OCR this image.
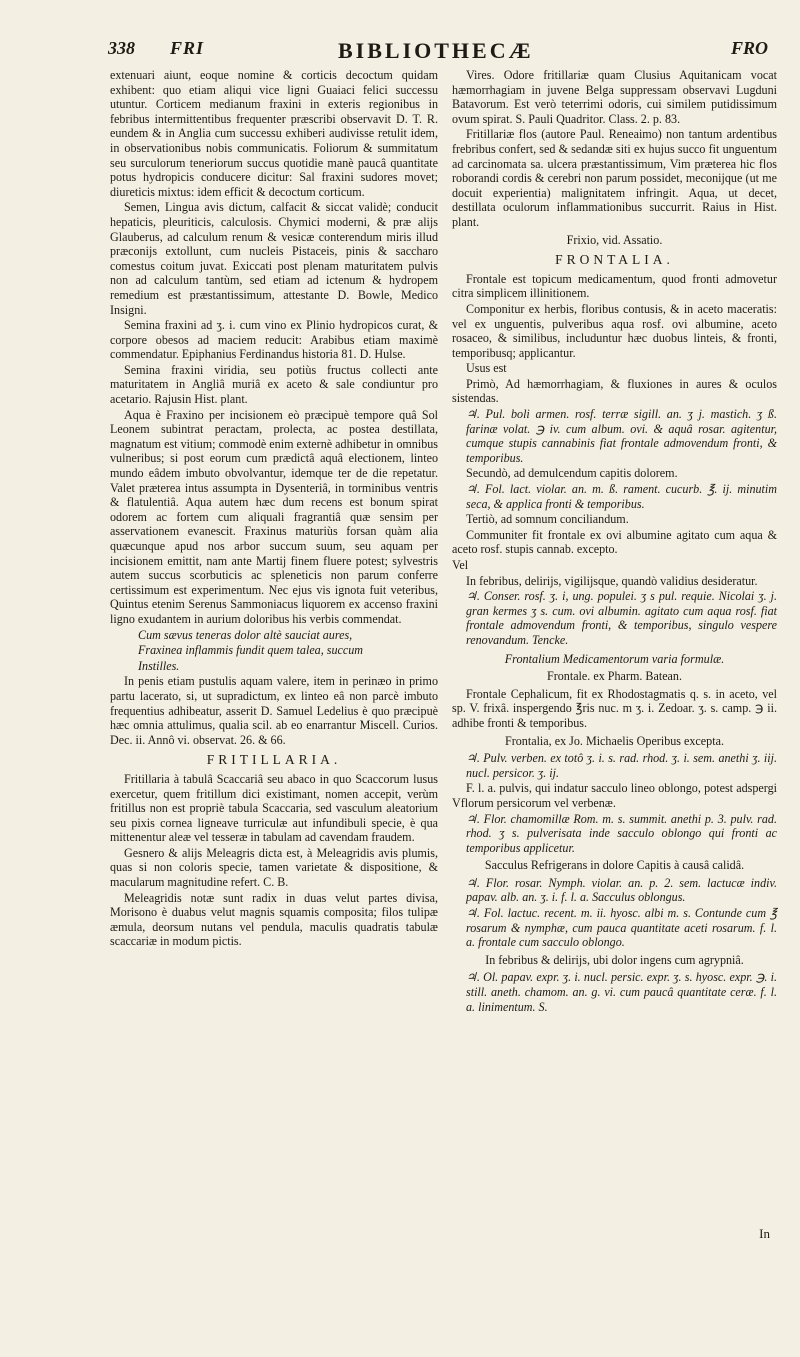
338 FRI	BIBLIOTHECÆ	FRO

extenuari aiunt, eoque nomine & corticis decoctum quidam exhibent: quo etiam aliqui vice ligni Guaiaci felici successu utuntur. Corticem medianum fraxini in exteris regionibus in febribus intermittentibus frequenter præscribi observavit D. T. R. eundem & in Anglia cum successu exhiberi audivisse retulit idem, in observationibus nobis communicatis. Foliorum & summitatum seu surculorum teneriorum succus quotidie manè paucâ quantitate potus hydropicis conducere dicitur: Sal fraxini sudores movet; diureticis mixtus: idem efficit & decoctum corticum.

Semen, Lingua avis dictum, calfacit & siccat validè; conducit hepaticis, pleuriticis, calculosis. Chymici moderni, & præ alijs Glauberus, ad calculum renum & vesicæ conterendum miris illud præconijs extollunt, cum nucleis Pistaceis, pinis & saccharo comestus coitum juvat. Exiccati post plenam maturitatem pulvis non ad calculum tantùm, sed etiam ad ictenum & hydropem remedium est præstantissimum, attestante D. Bowle, Medico Insigni.

Semina fraxini ad ʒ. i. cum vino ex Plinio hydropicos curat, & corpore obesos ad maciem reducit: Arabibus etiam maximè commendatur. Epiphanius Ferdinandus historia 81. D. Hulse.

Semina fraxini viridia, seu potiùs fructus collecti ante maturitatem in Angliâ muriâ ex aceto & sale condiuntur pro acetario. Rajusin Hist. plant.

Aqua è Fraxino per incisionem eò præcipuè tempore quâ Sol Leonem subintrat peractam, prolecta, ac postea destillata, magnatum est vitium; commodè enim externè adhibetur in omnibus vulneribus; si post eorum cum prædictâ aquâ electionem, linteo mundo eâdem imbuto obvolvantur, idemque ter de die repetatur. Valet præterea intus assumpta in Dysenteriâ, in torminibus ventris & flatulentiâ. Aqua autem hæc dum recens est bonum spirat odorem ac fortem cum aliquali fragrantiâ quæ sensim per asservationem evanescit. Fraxinus maturiùs forsan quàm alia quæcunque apud nos arbor succum suum, seu aquam per incisionem emittit, nam ante Martij finem fluere potest; sylvestris autem succus scorbuticis ac spleneticis non parum conferre certissimum est experimentum. Nec ejus vis ignota fuit veteribus, Quintus etenim Serenus Sammoniacus liquorem ex accenso fraxini ligno exudantem in aurium doloribus his verbis commendat.

Cum sævus teneras dolor altè sauciat aures,

Fraxinea inflammis fundit quem talea, succum

Instilles.

In penis etiam pustulis aquam valere, item in perinæo in primo partu lacerato, si, ut supradictum, ex linteo eâ non parcè imbuto frequentius adhibeatur, asserit D. Samuel Ledelius è quo præcipuè hæc omnia attulimus, qualia scil. ab eo enarrantur Miscell. Curios. Dec. ii. Annô vi. observat. 26. & 66.

FRITILLARIA.

Fritillaria à tabulâ Scaccariâ seu abaco in quo Scaccorum lusus exercetur, quem fritillum dici existimant, nomen accepit, verùm fritillus non est propriè tabula Scaccaria, sed vasculum aleatorium seu pixis cornea ligneave turriculæ aut infundibuli specie, è qua mittenentur aleæ vel tesseræ in tabulam ad cavendam fraudem.

Gesnero & alijs Meleagris dicta est, à Meleagridis avis plumis, quas si non coloris specie, tamen varietate & dispositione, & macularum magnitudine refert. C. B.

Meleagridis notæ sunt radix in duas velut partes divisa, Morisono è duabus velut magnis squamis composita; filos tulipæ æmula, deorsum nutans vel pendula, maculis quadratis tabulæ scaccariæ in modum pictis.

Vires. Odore fritillariæ quam Clusius Aquitanicam vocat hæmorrhagiam in juvene Belga suppressam observavi Lugduni Batavorum. Est verò teterrimi odoris, cui similem putidissimum ovum spirat. S. Pauli Quadritor. Class. 2. p. 83.

Fritillariæ flos (autore Paul. Reneaimo) non tantum ardentibus frebribus confert, sed & sedandæ siti ex hujus succo fit unguentum ad carcinomata sa. ulcera præstantissimum, Vim præterea hic flos roborandi cordis & cerebri non parum possidet, meconijque (ut me docuit experientia) malignitatem infringit. Aqua, ut decet, destillata oculorum inflammationibus succurrit. Raius in Hist. plant.

Frixio, vid. Assatio.

FRONTALIA.

Frontale est topicum medicamentum, quod fronti admovetur citra simplicem illinitionem.

Componitur ex herbis, floribus contusis, & in aceto maceratis: vel ex unguentis, pulveribus aqua rosf. ovi albumine, aceto rosaceo, & similibus, includuntur hæc duobus linteis, & fronti, temporibusq; applicantur.

Usus est

Primò, Ad hæmorrhagiam, & fluxiones in aures & oculos sistendas.

♃. Pul. boli armen. rosf. terræ sigill. an. ʒ j. mastich. ʒ ß. farinæ volat. ℈ iv. cum album. ovi. & aquâ rosar. agitentur, cumque stupis cannabinis fiat frontale admovendum fronti, & temporibus.

Secundò, ad demulcendum capitis dolorem.

♃. Fol. lact. violar. an. m. ß. rament. cucurb. ℥. ij. minutim seca, & applica fronti & temporibus.

Tertiò, ad somnum conciliandum.

Communiter fit frontale ex ovi albumine agitato cum aqua & aceto rosf. stupis cannab. excepto.

Vel

In febribus, delirijs, vigilijsque, quandò validius desideratur.

♃. Conser. rosf. ʒ. i, ung. populei. ʒ s pul. requie. Nicolai ʒ. j. gran kermes ʒ s. cum. ovi albumin. agitato cum aqua rosf. fiat frontale admovendum fronti, & temporibus, singulo vespere renovandum. Tencke.

Frontalium Medicamentorum varia formulæ.

Frontale. ex Pharm. Batean.

Frontale Cephalicum, fit ex Rhodostagmatis q. s. in aceto, vel sp. V. frixâ. inspergendo ℥ris nuc. m ʒ. i. Zedoar. ʒ. s. camp. ℈ ii. adhibe fronti & temporibus.

Frontalia, ex Jo. Michaelis Operibus excepta.

♃. Pulv. verben. ex totô ʒ. i. s. rad. rhod. ʒ. i. sem. anethi ʒ. iij. nucl. persicor. ʒ. ij.

F. l. a. pulvis, qui indatur sacculo lineo oblongo, potest adspergi Vflorum persicorum vel verbenæ.

♃. Flor. chamomillæ Rom. m. s. summit. anethi p. 3. pulv. rad. rhod. ʒ s. pulverisata inde sacculo oblongo qui fronti ac temporibus applicetur.

Sacculus Refrigerans in dolore Capitis à causâ calidâ.

♃. Flor. rosar. Nymph. violar. an. p. 2. sem. lactucæ indiv. papav. alb. an. ʒ. i. f. l. a. Sacculus oblongus.

♃. Fol. lactuc. recent. m. ii. hyosc. albi m. s. Contunde cum ℥ rosarum & nymphæ, cum pauca quantitate aceti rosarum. f. l. a. frontale cum sacculo oblongo.

In febribus & delirijs, ubi dolor ingens cum agrypniâ.

♃. Ol. papav. expr. ʒ. i. nucl. persic. expr. ʒ. s. hyosc. expr. ℈. i. still. aneth. chamom. an. g. vi. cum paucâ quantitate ceræ. f. l. a. linimentum. S.

In
